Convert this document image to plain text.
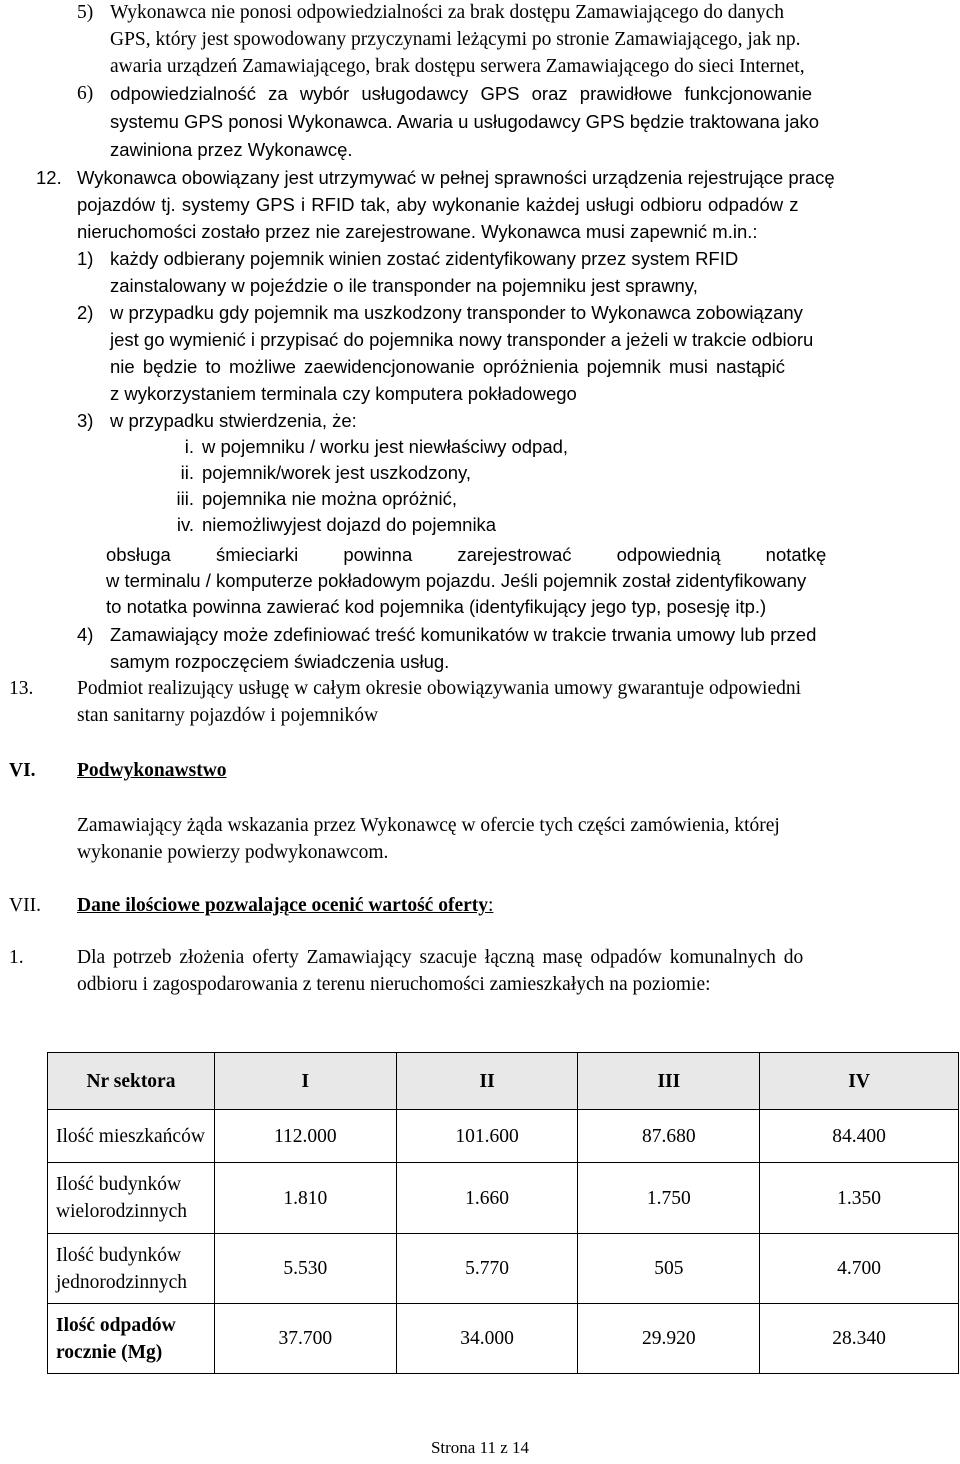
5) Wykonawca nie ponosi odpowiedzialności za brak dostępu Zamawiającego do danych
GPS, który jest spowodowany przyczynami leżącymi po stronie Zamawiającego, jak np.
awaria urządzeń Zamawiającego, brak dostępu serwera Zamawiającego do sieci Internet,
6) odpowiedzialność za wybór usługodawcy GPS oraz prawidłowe funkcjonowanie
systemu GPS ponosi Wykonawca. Awaria u usługodawcy GPS będzie traktowana jako
zawiniona przez Wykonawcę.
12. Wykonawca obowiązany jest utrzymywać w pełnej sprawności urządzenia rejestrujące pracę
pojazdów tj. systemy GPS i RFID tak, aby wykonanie każdej usługi odbioru odpadów z
nieruchomości zostało przez nie zarejestrowane. Wykonawca musi zapewnić m.in.:
1) każdy odbierany pojemnik winien zostać zidentyfikowany przez system RFID
zainstalowany w pojeździe o ile transponder na pojemniku jest sprawny,
2) w przypadku gdy pojemnik ma uszkodzony transponder to Wykonawca zobowiązany
jest go wymienić i przypisać do pojemnika nowy transponder a jeżeli w trakcie odbioru
nie będzie to możliwe zaewidencjonowanie opróżnienia pojemnik musi nastąpić
z wykorzystaniem terminala czy komputera pokładowego
3) w przypadku stwierdzenia, że:
i. w pojemniku / worku jest niewłaściwy odpad,
ii. pojemnik/worek jest uszkodzony,
iii. pojemnika nie można opróżnić,
iv. niemożliwyjest dojazd do pojemnika
obsługa śmieciarki powinna zarejestrować odpowiednią notatkę
w terminalu / komputerze pokładowym pojazdu. Jeśli pojemnik został zidentyfikowany
to notatka powinna zawierać kod pojemnika (identyfikujący jego typ, posesję itp.)
4) Zamawiający może zdefiniować treść komunikatów w trakcie trwania umowy lub przed
samym rozpoczęciem świadczenia usług.
13. Podmiot realizujący usługę w całym okresie obowiązywania umowy gwarantuje odpowiedni
stan sanitarny pojazdów i pojemników
VI. Podwykonawstwo
Zamawiający żąda wskazania przez Wykonawcę w ofercie tych części zamówienia, której
wykonanie powierzy podwykonawcom.
VII. Dane ilościowe pozwalające ocenić wartość oferty:
1.	Dla potrzeb złożenia oferty Zamawiający szacuje łączną masę odpadów komunalnych do
odbioru i zagospodarowania z terenu nieruchomości zamieszkałych na poziomie:
Nr sektora	I	II	III	IV
Ilość mieszkańców	112.000	101.600	87.680	84.400
Ilość budynków
wielorodzinnych	1.810	1.660	1.750	1.350
Ilość budynków
jednorodzinnych	5.530	5.770	505	4.700
Ilość odpadów
rocznie (Mg)	37.700	34.000	29.920	28.340
Strona 11 z 14
